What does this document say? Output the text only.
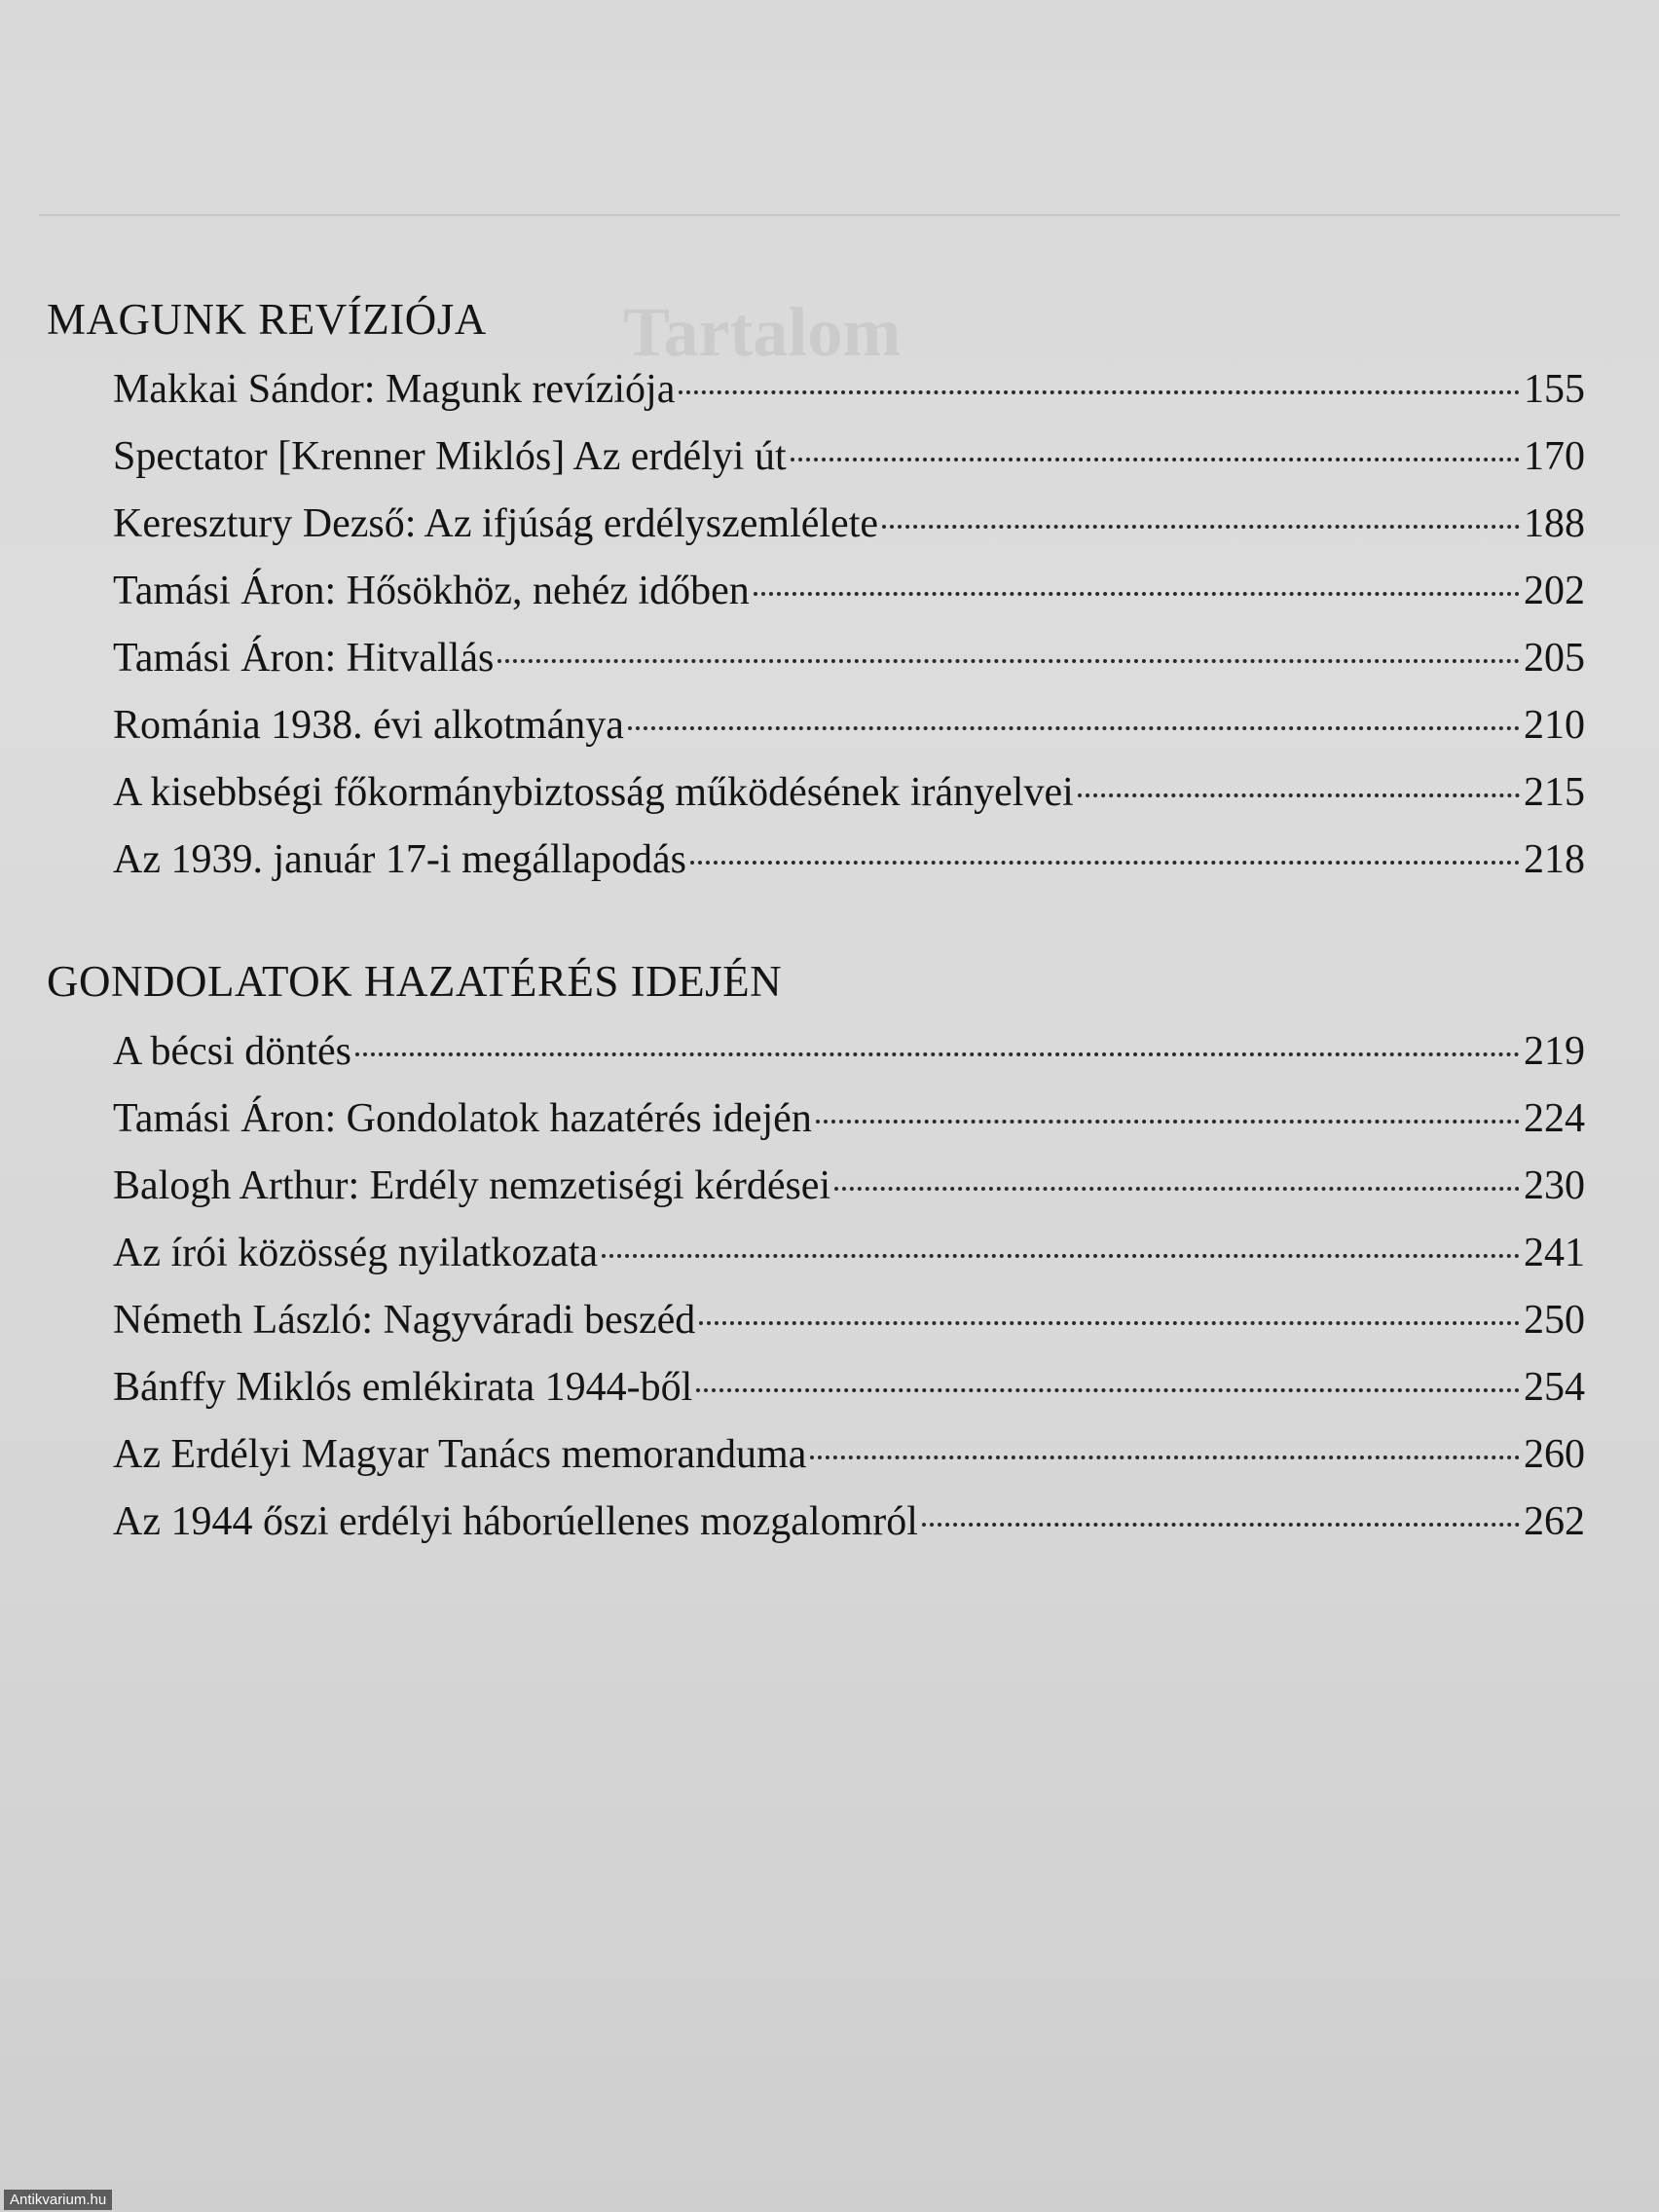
Tartalom
MAGUNK REVÍZIÓJA
Makkai Sándor: Magunk revíziója	155
Spectator [Krenner Miklós] Az erdélyi út	170
Keresztury Dezső: Az ifjúság erdélyszemlélete	188
Tamási Áron: Hősökhöz, nehéz időben	202
Tamási Áron: Hitvallás	205
Románia 1938. évi alkotmánya	210
A kisebbségi főkormánybiztosság működésének irányelvei	215
Az 1939. január 17-i megállapodás	218
GONDOLATOK HAZATÉRÉS IDEJÉN
A bécsi döntés	219
Tamási Áron: Gondolatok hazatérés idején	224
Balogh Arthur: Erdély nemzetiségi kérdései	230
Az írói közösség nyilatkozata	241
Németh László: Nagyváradi beszéd	250
Bánffy Miklós emlékirata 1944-ből	254
Az Erdélyi Magyar Tanács memoranduma	260
Az 1944 őszi erdélyi háborúellenes mozgalomról	262
Antikvarium.hu
